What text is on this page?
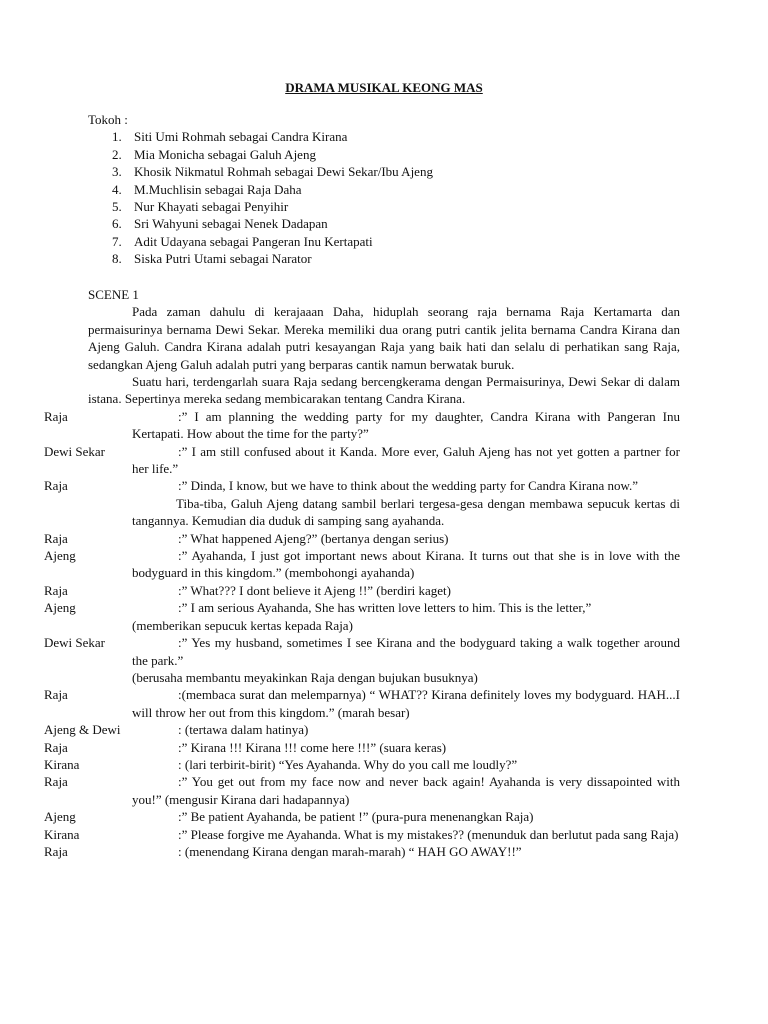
DRAMA MUSIKAL KEONG MAS
Tokoh :
1. Siti Umi Rohmah sebagai Candra Kirana
2. Mia Monicha sebagai Galuh Ajeng
3. Khosik Nikmatul Rohmah sebagai Dewi Sekar/Ibu Ajeng
4. M.Muchlisin sebagai Raja Daha
5. Nur Khayati sebagai Penyihir
6. Sri Wahyuni sebagai Nenek Dadapan
7. Adit Udayana sebagai Pangeran Inu Kertapati
8. Siska Putri Utami sebagai Narator
SCENE 1
Pada zaman dahulu di kerajaaan Daha, hiduplah seorang raja bernama Raja Kertamarta dan permaisurinya bernama Dewi Sekar. Mereka memiliki dua orang putri cantik jelita bernama Candra Kirana dan Ajeng Galuh. Candra Kirana adalah putri kesayangan Raja yang baik hati dan selalu di perhatikan sang Raja, sedangkan Ajeng Galuh adalah putri yang berparas cantik namun berwatak buruk.
Suatu hari, terdengarlah suara Raja sedang bercengkerama dengan Permaisurinya, Dewi Sekar di dalam istana. Sepertinya mereka sedang membicarakan tentang Candra Kirana.
Raja	:” I am planning the wedding party for my daughter, Candra Kirana with Pangeran Inu Kertapati. How about the time for the party?”
Dewi Sekar	:” I am still confused about it Kanda. More ever, Galuh Ajeng has not yet gotten a partner for her life.”
Raja	:” Dinda, I know, but we have to think about the wedding party for Candra Kirana now.”
Tiba-tiba, Galuh Ajeng datang sambil berlari tergesa-gesa dengan membawa sepucuk kertas di tangannya. Kemudian dia duduk di samping sang ayahanda.
Raja	:” What happened Ajeng?” (bertanya dengan serius)
Ajeng	:” Ayahanda, I just got important news about Kirana. It turns out that she is in love with the bodyguard in this kingdom.” (membohongi ayahanda)
Raja	:” What??? I dont believe it Ajeng !!” (berdiri kaget)
Ajeng	:” I am serious Ayahanda, She has written love letters to him. This is the letter,”
(memberikan sepucuk kertas kepada Raja)
Dewi Sekar	:” Yes my husband, sometimes I see Kirana and the bodyguard taking a walk together around the park.”
(berusaha membantu meyakinkan Raja dengan bujukan busuknya)
Raja	:(membaca surat dan melemparnya) “ WHAT?? Kirana definitely loves my bodyguard. HAH...I will throw her out from this kingdom.” (marah besar)
Ajeng & Dewi	: (tertawa dalam hatinya)
Raja	:” Kirana !!! Kirana !!! come here !!!” (suara keras)
Kirana	: (lari terbirit-birit) “Yes Ayahanda. Why do you call me loudly?”
Raja	:” You get out from my face now and never back again! Ayahanda is very dissapointed with you!” (mengusir Kirana dari hadapannya)
Ajeng	:” Be patient Ayahanda, be patient !” (pura-pura menenangkan Raja)
Kirana	:” Please forgive me Ayahanda. What is my mistakes?? (menunduk dan berlutut pada sang Raja)
Raja	: (menendang Kirana dengan marah-marah) “ HAH GO AWAY!!”
